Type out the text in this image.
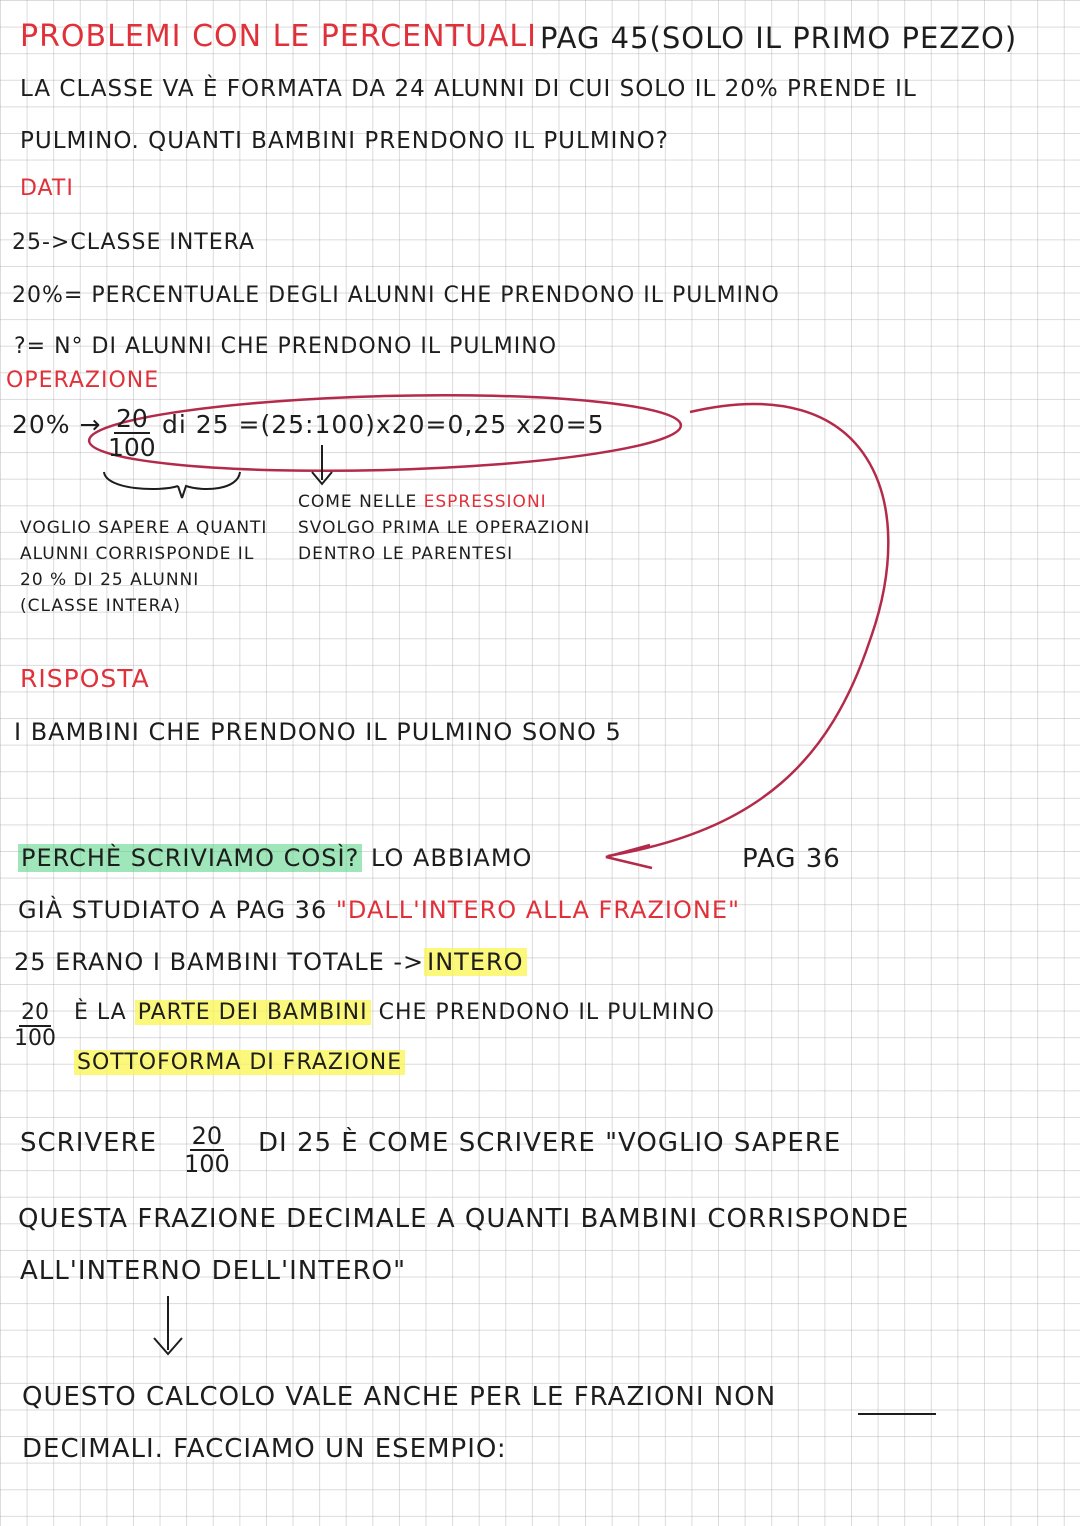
PROBLEMI CON LE PERCENTUALI PAG 45(SOLO IL PRIMO PEZZO)
LA CLASSE VA È FORMATA DA 24 ALUNNI DI CUI SOLO IL 20% PRENDE IL
PULMINO. QUANTI BAMBINI PRENDONO IL PULMINO?
DATI
25->CLASSE INTERA
20%= PERCENTUALE DEGLI ALUNNI CHE PRENDONO IL PULMINO
?= N° DI ALUNNI CHE PRENDONO IL PULMINO
OPERAZIONE
$20\% \to \frac{20}{100}$ di 25 =(25:100)x20=0,25 x20=5
VOGLIO SAPERE A QUANTI
ALUNNI CORRISPONDE IL
20 % DI 25 ALUNNI
(CLASSE INTERA)
COME NELLE ESPRESSIONI
SVOLGO PRIMA LE OPERAZIONI
DENTRO LE PARENTESI
RISPOSTA
I BAMBINI CHE PRENDONO IL PULMINO SONO 5
PERCHÈ SCRIVIAMO COSÌ? LO ABBIAMO	PAG 36
GIÀ STUDIATO A PAG 36 "DALL'INTERO ALLA FRAZIONE"
25 ERANO I BAMBINI TOTALE -> INTERO
$\frac{20}{100}$ È LA PARTE DEI BAMBINI CHE PRENDONO IL PULMINO
SOTTOFORMA DI FRAZIONE
SCRIVERE $\frac{20}{100}$ DI 25 È COME SCRIVERE "VOGLIO SAPERE
QUESTA FRAZIONE DECIMALE A QUANTI BAMBINI CORRISPONDE
ALL'INTERNO DELL'INTERO"
QUESTO CALCOLO VALE ANCHE PER LE FRAZIONI NON
DECIMALI. FACCIAMO UN ESEMPIO:
